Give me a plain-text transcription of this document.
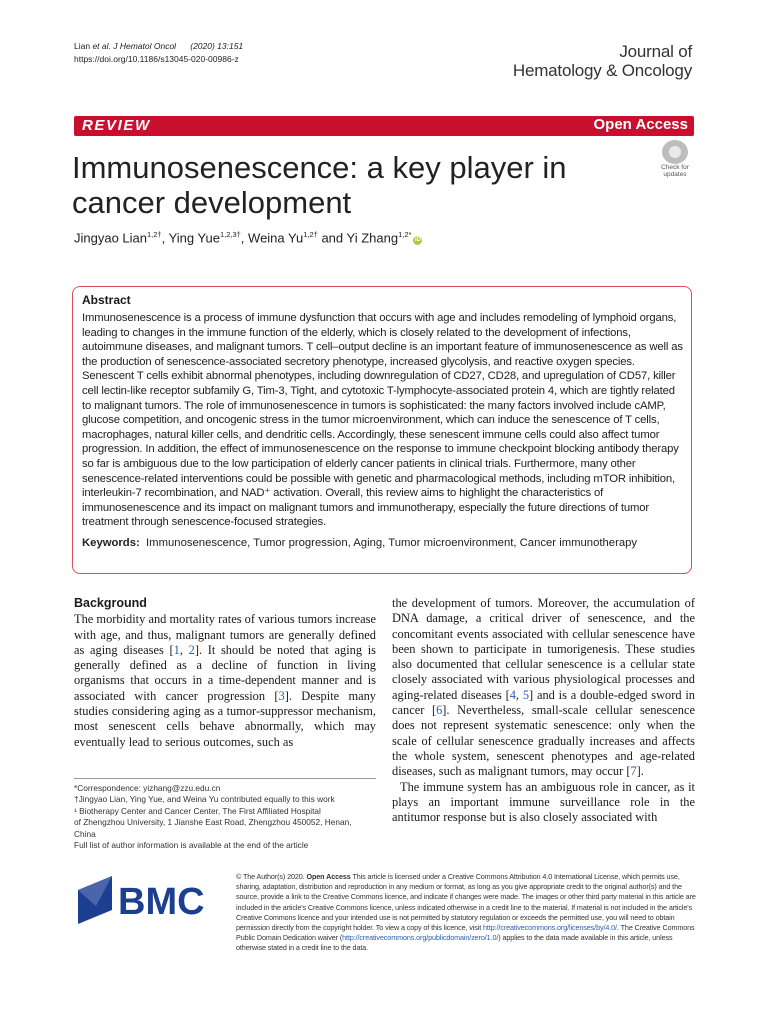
Lian et al. J Hematol Oncol (2020) 13:151
https://doi.org/10.1186/s13045-020-00986-z	Journal of
Hematology & Oncology
REVIEW	Open Access
Immunosenescence: a key player in cancer development
Check for
updates
Jingyao Lian$^{1,2\dagger}$, Ying Yue$^{1,2,3\dagger}$, Weina $Yu^{1,2\dagger}$ and Yi Zhang$^{1,2*}$iD
Abstract
Immunosenescence is a process of immune dysfunction that occurs with age and includes remodeling of lymphoid organs, leading to changes in the immune function of the elderly, which is closely related to the development of infections, autoimmune diseases, and malignant tumors. T cell–output decline is an important feature of immunosenescence as well as the production of senescence-associated secretory phenotype, increased glycolysis, and reactive oxygen species. Senescent T cells exhibit abnormal phenotypes, including downregulation of CD27, CD28, and upregulation of CD57, killer cell lectin-like receptor subfamily G, Tim-3, Tight, and cytotoxic T-lymphocyte-associated protein 4, which are tightly related to malignant tumors. The role of immunosenescence in tumors is sophisticated: the many factors involved include cAMP, glucose competition, and oncogenic stress in the tumor microenvironment, which can induce the senescence of T cells, macrophages, natural killer cells, and dendritic cells. Accordingly, these senescent immune cells could also affect tumor progression. In addition, the effect of immunosenescence on the response to immune checkpoint blocking antibody therapy so far is ambiguous due to the low participation of elderly cancer patients in clinical trials. Furthermore, many other senescence-related interventions could be possible with genetic and pharmacological methods, including mTOR inhibition, interleukin-7 recombination, and NAD⁺ activation. Overall, this review aims to highlight the characteristics of immunosenescence and its impact on malignant tumors and immunotherapy, especially the future directions of tumor treatment through senescence-focused strategies.
Keywords: Immunosenescence, Tumor progression, Aging, Tumor microenvironment, Cancer immunotherapy
Background

The morbidity and mortality rates of various tumors increase with age, and thus, malignant tumors are generally defined as aging diseases [1, 2]. It should be noted that aging is generally defined as a decline of function in living organisms that occurs in a time-dependent manner and is associated with cancer progression [3]. Despite many studies considering aging as a tumor-suppressor mechanism, most senescent cells behave abnormally, which may eventually lead to serious outcomes, such as

*Correspondence: yizhang@zzu.edu.cn
†Jingyao Lian, Ying Yue, and Weina Yu contributed equally to this work
¹ Biotherapy Center and Cancer Center, The First Affiliated Hospital
of Zhengzhou University, 1 Jianshe East Road, Zhengzhou 450052, Henan,
China
Full list of author information is available at the end of the article

the development of tumors. Moreover, the accumulation of DNA damage, a critical driver of senescence, and the concomitant events associated with cellular senescence have been shown to participate in tumorigenesis. These studies also documented that cellular senescence is a cellular state closely associated with various physiological processes and aging-related diseases [4, 5] and is a double-edged sword in cancer [6]. Nevertheless, small-scale cellular senescence does not represent systematic senescence: only when the scale of cellular senescence gradually increases and affects the whole system, senescent phenotypes and age-related diseases, such as malignant tumors, may occur [7].

The immune system has an ambiguous role in cancer, as it plays an important immune surveillance role in the antitumor response but is also closely associated with

BMC
© The Author(s) 2020. Open Access This article is licensed under a Creative Commons Attribution 4.0 International License, which permits use, sharing, adaptation, distribution and reproduction in any medium or format, as long as you give appropriate credit to the original author(s) and the source, provide a link to the Creative Commons licence, and indicate if changes were made. The images or other third party material in this article are included in the article's Creative Commons licence, unless indicated otherwise in a credit line to the material. If material is not included in the article's Creative Commons licence and your intended use is not permitted by statutory regulation or exceeds the permitted use, you will need to obtain permission directly from the copyright holder. To view a copy of this licence, visit http://creativecommons.org/licenses/by/4.0/. The Creative Commons Public Domain Dedication waiver (http://creativecommons.org/publicdomain/zero/1.0/) applies to the data made available in this article, unless otherwise stated in a credit line to the data.
